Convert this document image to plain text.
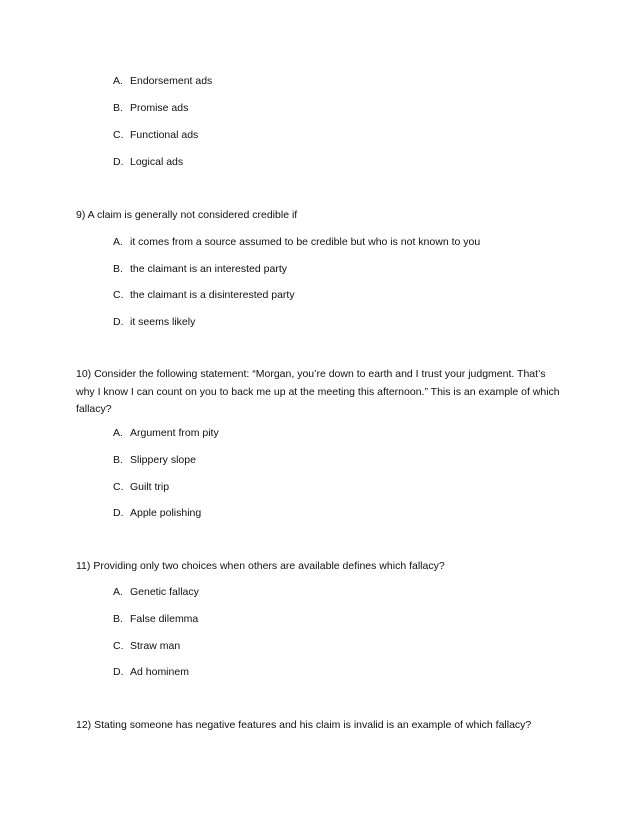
A. Endorsement ads
B. Promise ads
C. Functional ads
D. Logical ads
9) A claim is generally not considered credible if
A. it comes from a source assumed to be credible but who is not known to you
B. the claimant is an interested party
C. the claimant is a disinterested party
D. it seems likely
10) Consider the following statement: “Morgan, you’re down to earth and I trust your judgment. That’s
why I know I can count on you to back me up at the meeting this afternoon.” This is an example of which
fallacy?
A. Argument from pity
B. Slippery slope
C. Guilt trip
D. Apple polishing
11) Providing only two choices when others are available defines which fallacy?
A. Genetic fallacy
B. False dilemma
C. Straw man
D. Ad hominem
12) Stating someone has negative features and his claim is invalid is an example of which fallacy?
